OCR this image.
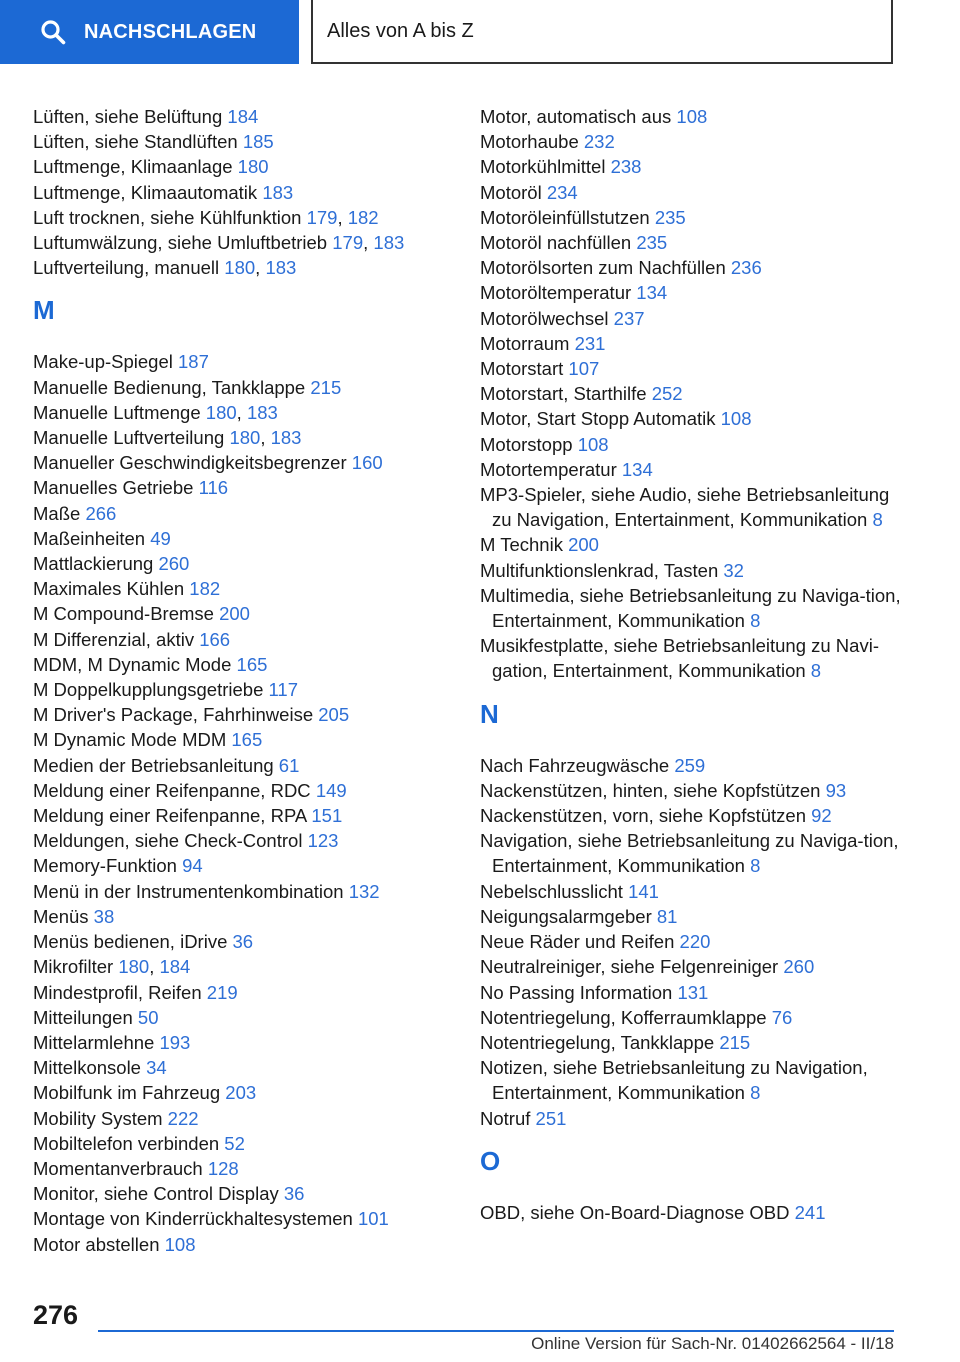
NACHSCHLAGEN	Alles von A bis Z

Lüften, siehe Belüftung 184

Lüften, siehe Standlüften 185

Luftmenge, Klimaanlage 180

Luftmenge, Klimaautomatik 183

Luft trocknen, siehe Kühlfunktion 179, 182

Luftumwälzung, siehe Umluftbetrieb 179, 183

Luftverteilung, manuell 180, 183

M

Make-up-Spiegel 187

Manuelle Bedienung, Tankklappe 215

Manuelle Luftmenge 180, 183

Manuelle Luftverteilung 180, 183

Manueller Geschwindigkeitsbegrenzer 160

Manuelles Getriebe 116

Maße 266

Maßeinheiten 49

Mattlackierung 260

Maximales Kühlen 182

M Compound-Bremse 200

M Differenzial, aktiv 166

MDM, M Dynamic Mode 165

M Doppelkupplungsgetriebe 117

M Driver's Package, Fahrhinweise 205

M Dynamic Mode MDM 165

Medien der Betriebsanleitung 61

Meldung einer Reifenpanne, RDC 149

Meldung einer Reifenpanne, RPA 151

Meldungen, siehe Check-Control 123

Memory-Funktion 94

Menü in der Instrumentenkombination 132

Menüs 38

Menüs bedienen, iDrive 36

Mikrofilter 180, 184

Mindestprofil, Reifen 219

Mitteilungen 50

Mittelarmlehne 193

Mittelkonsole 34

Mobilfunk im Fahrzeug 203

Mobility System 222

Mobiltelefon verbinden 52

Momentanverbrauch 128

Monitor, siehe Control Display 36

Montage von Kinderrückhaltesystemen 101

Motor abstellen 108

Motor, automatisch aus 108

Motorhaube 232

Motorkühlmittel 238

Motoröl 234

Motoröleinfüllstutzen 235

Motoröl nachfüllen 235

Motorölsorten zum Nachfüllen 236

Motoröltemperatur 134

Motorölwechsel 237

Motorraum 231

Motorstart 107

Motorstart, Starthilfe 252

Motor, Start Stopp Automatik 108

Motorstopp 108

Motortemperatur 134

MP3-Spieler, siehe Audio, siehe Betriebsanleitung zu Navigation, Entertainment, Kommunikation 8

M Technik 200

Multifunktionslenkrad, Tasten 32

Multimedia, siehe Betriebsanleitung zu Naviga‐tion, Entertainment, Kommunikation 8

Musikfestplatte, siehe Betriebsanleitung zu Navi‐gation, Entertainment, Kommunikation 8

N

Nach Fahrzeugwäsche 259

Nackenstützen, hinten, siehe Kopfstützen 93

Nackenstützen, vorn, siehe Kopfstützen 92

Navigation, siehe Betriebsanleitung zu Naviga‐tion, Entertainment, Kommunikation 8

Nebelschlusslicht 141

Neigungsalarmgeber 81

Neue Räder und Reifen 220

Neutralreiniger, siehe Felgenreiniger 260

No Passing Information 131

Notentriegelung, Kofferraumklappe 76

Notentriegelung, Tankklappe 215

Notizen, siehe Betriebsanleitung zu Navigation, Entertainment, Kommunikation 8

Notruf 251

O

OBD, siehe On-Board-Diagnose OBD 241

276
Online Version für Sach-Nr. 01402662564 - II/18
